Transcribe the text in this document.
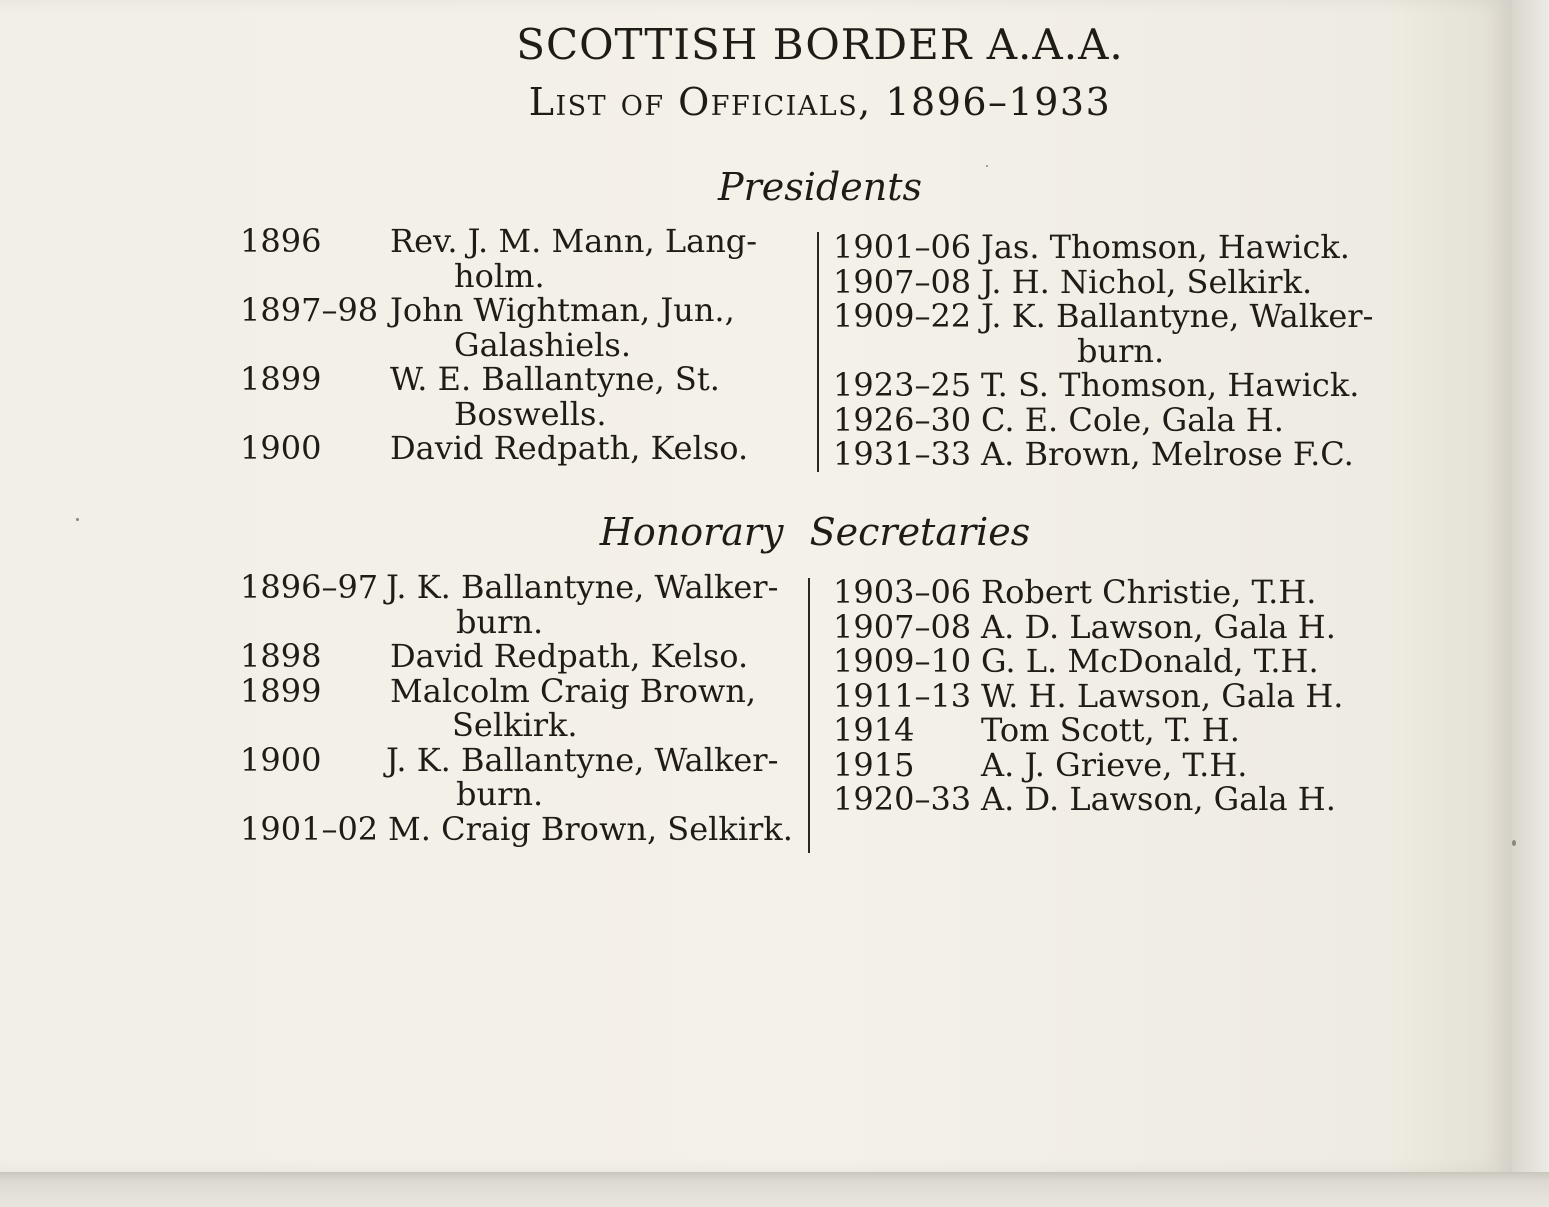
SCOTTISH BORDER A.A.A.
List of Officials, 1896–1933
Presidents
1896	Rev. J. M. Mann, Lang-
holm.
1897–98 John Wightman, Jun.,
Galashiels.
1899	W. E. Ballantyne, St.
Boswells.
1900	David Redpath, Kelso.
1901–06 Jas. Thomson, Hawick.
1907–08 J. H. Nichol, Selkirk.
1909–22 J. K. Ballantyne, Walker-
burn.
1923–25 T. S. Thomson, Hawick.
1926–30 C. E. Cole, Gala H.
1931–33 A. Brown, Melrose F.C.
Honorary Secretaries
1896–97 J. K. Ballantyne, Walker-
burn.
1898	David Redpath, Kelso.
1899	Malcolm Craig Brown,
Selkirk.
1900	J. K. Ballantyne, Walker-
burn.
1901–02 M. Craig Brown, Selkirk.
1903–06 Robert Christie, T.H.
1907–08 A. D. Lawson, Gala H.
1909–10 G. L. McDonald, T.H.
1911–13 W. H. Lawson, Gala H.
1914	Tom Scott, T. H.
1915	A. J. Grieve, T.H.
1920–33 A. D. Lawson, Gala H.
